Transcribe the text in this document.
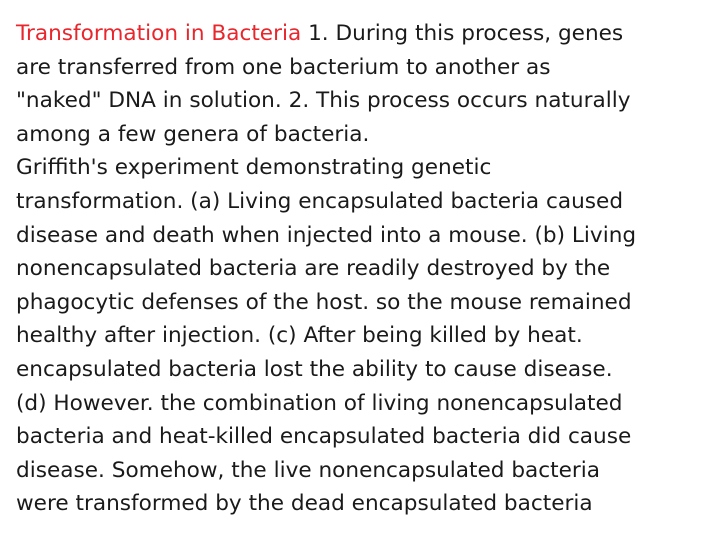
Transformation in Bacteria 1. During this process, genes
are transferred from one bacterium to another as
"naked" DNA in solution. 2. This process occurs naturally
among a few genera of bacteria.
Griffith's experiment demonstrating genetic
transformation. (a) Living encapsulated bacteria caused
disease and death when injected into a mouse. (b) Living
nonencapsulated bacteria are readily destroyed by the
phagocytic defenses of the host. so the mouse remained
healthy after injection. (c) After being killed by heat.
encapsulated bacteria lost the ability to cause disease.
(d) However. the combination of living nonencapsulated
bacteria and heat-killed encapsulated bacteria did cause
disease. Somehow, the live nonencapsulated bacteria
were transformed by the dead encapsulated bacteria
